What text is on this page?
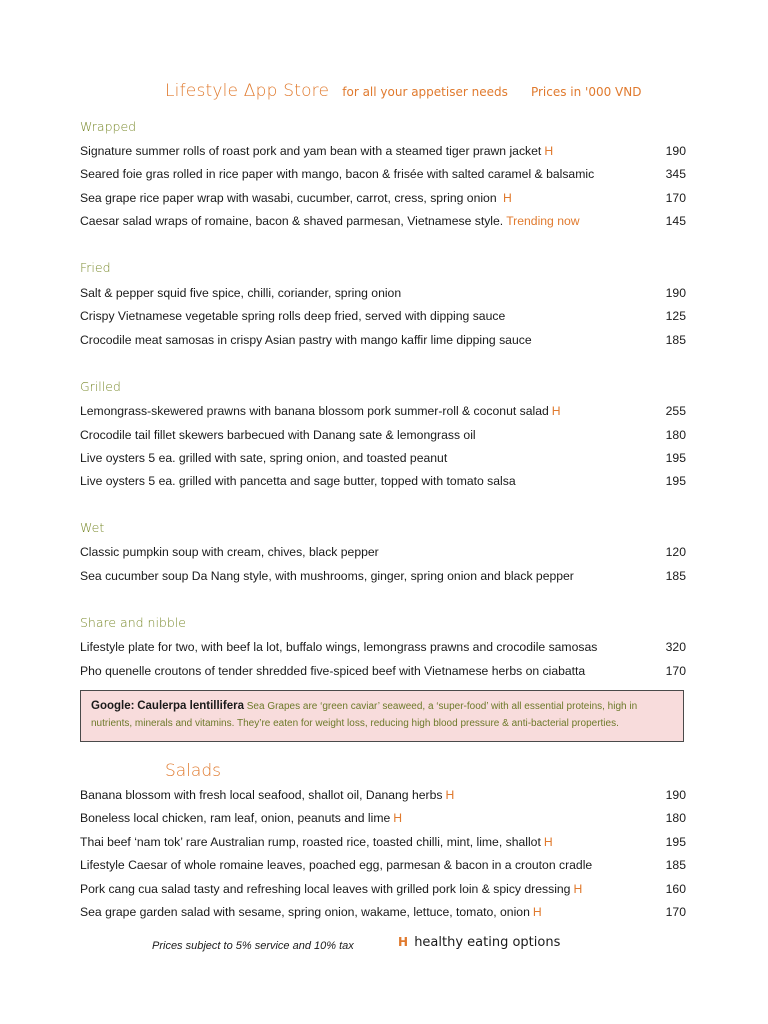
Lifestyle Δpp Store for all your appetiser needs Prices in '000 VND
Wrapped
Signature summer rolls of roast pork and yam bean with a steamed tiger prawn jacket H	190
Seared foie gras rolled in rice paper with mango, bacon & frisée with salted caramel & balsamic	345
Sea grape rice paper wrap with wasabi, cucumber, carrot, cress, spring onion H	170
Caesar salad wraps of romaine, bacon & shaved parmesan, Vietnamese style. Trending now	145
Fried
Salt & pepper squid five spice, chilli, coriander, spring onion	190
Crispy Vietnamese vegetable spring rolls deep fried, served with dipping sauce	125
Crocodile meat samosas in crispy Asian pastry with mango kaffir lime dipping sauce	185
Grilled
Lemongrass-skewered prawns with banana blossom pork summer-roll & coconut salad H	255
Crocodile tail fillet skewers barbecued with Danang sate & lemongrass oil	180
Live oysters 5 ea. grilled with sate, spring onion, and toasted peanut	195
Live oysters 5 ea. grilled with pancetta and sage butter, topped with tomato salsa	195
Wet
Classic pumpkin soup with cream, chives, black pepper	120
Sea cucumber soup Da Nang style, with mushrooms, ginger, spring onion and black pepper	185
Share and nibble
Lifestyle plate for two, with beef la lot, buffalo wings, lemongrass prawns and crocodile samosas	320
Pho quenelle croutons of tender shredded five-spiced beef with Vietnamese herbs on ciabatta	170
Google: Caulerpa lentillifera Sea Grapes are ‘green caviar’ seaweed, a ‘super-food’ with all essential proteins, high in
nutrients, minerals and vitamins. They’re eaten for weight loss, reducing high blood pressure & anti-bacterial properties.
Salads
Banana blossom with fresh local seafood, shallot oil, Danang herbs H	190
Boneless local chicken, ram leaf, onion, peanuts and lime H	180
Thai beef ‘nam tok’ rare Australian rump, roasted rice, toasted chilli, mint, lime, shallot H	195
Lifestyle Caesar of whole romaine leaves, poached egg, parmesan & bacon in a crouton cradle	185
Pork cang cua salad tasty and refreshing local leaves with grilled pork loin & spicy dressing H	160
Sea grape garden salad with sesame, spring onion, wakame, lettuce, tomato, onion H	170
Prices subject to 5% service and 10% tax	H healthy eating options
